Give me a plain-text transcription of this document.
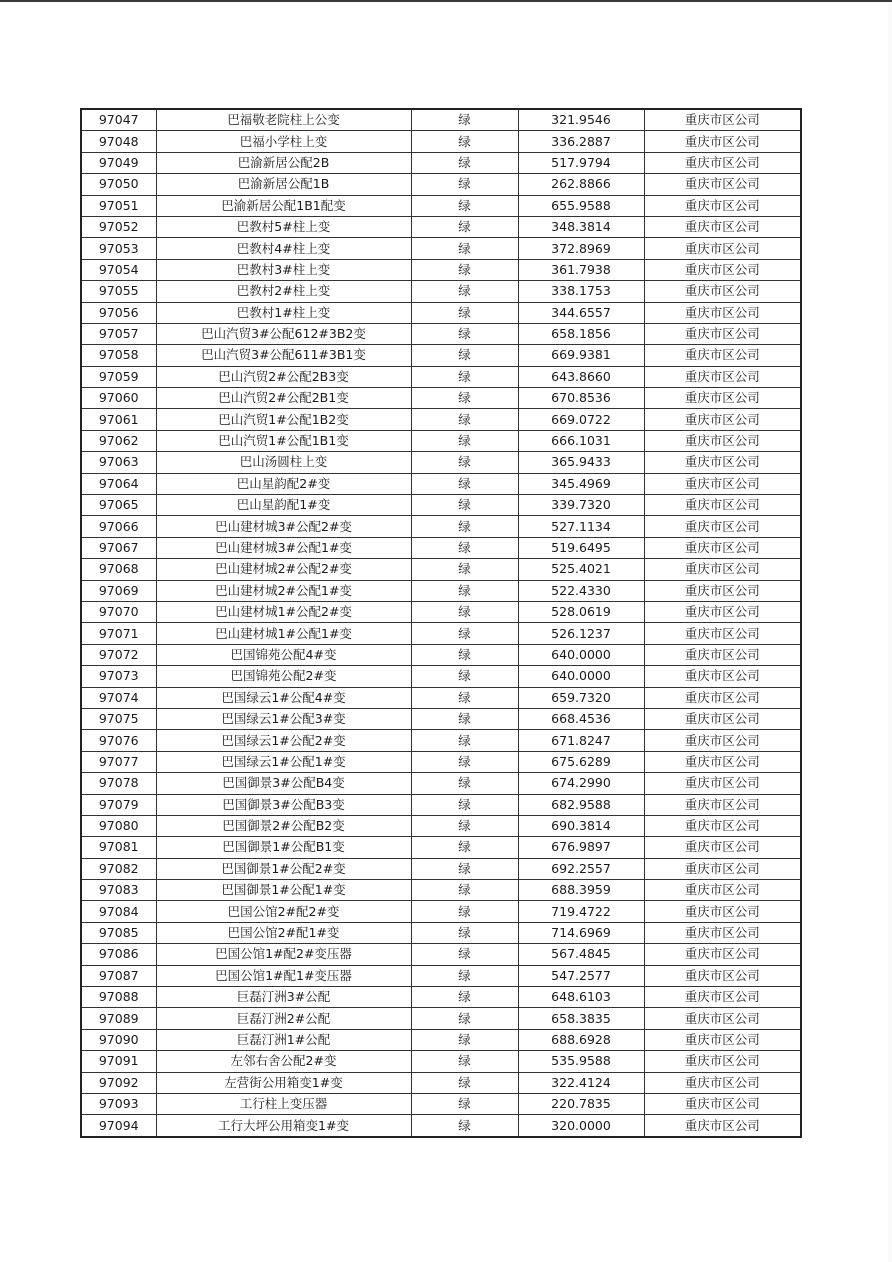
97047	巴福敬老院柱上公变	绿	321.9546	重庆市区公司
97048	巴福小学柱上变	绿	336.2887	重庆市区公司
97049	巴渝新居公配2B	绿	517.9794	重庆市区公司
97050	巴渝新居公配1B	绿	262.8866	重庆市区公司
97051	巴渝新居公配1B1配变	绿	655.9588	重庆市区公司
97052	巴教村5#柱上变	绿	348.3814	重庆市区公司
97053	巴教村4#柱上变	绿	372.8969	重庆市区公司
97054	巴教村3#柱上变	绿	361.7938	重庆市区公司
97055	巴教村2#柱上变	绿	338.1753	重庆市区公司
97056	巴教村1#柱上变	绿	344.6557	重庆市区公司
97057	巴山汽贸3#公配612#3B2变	绿	658.1856	重庆市区公司
97058	巴山汽贸3#公配611#3B1变	绿	669.9381	重庆市区公司
97059	巴山汽贸2#公配2B3变	绿	643.8660	重庆市区公司
97060	巴山汽贸2#公配2B1变	绿	670.8536	重庆市区公司
97061	巴山汽贸1#公配1B2变	绿	669.0722	重庆市区公司
97062	巴山汽贸1#公配1B1变	绿	666.1031	重庆市区公司
97063	巴山汤圆柱上变	绿	365.9433	重庆市区公司
97064	巴山星韵配2#变	绿	345.4969	重庆市区公司
97065	巴山星韵配1#变	绿	339.7320	重庆市区公司
97066	巴山建材城3#公配2#变	绿	527.1134	重庆市区公司
97067	巴山建材城3#公配1#变	绿	519.6495	重庆市区公司
97068	巴山建材城2#公配2#变	绿	525.4021	重庆市区公司
97069	巴山建材城2#公配1#变	绿	522.4330	重庆市区公司
97070	巴山建材城1#公配2#变	绿	528.0619	重庆市区公司
97071	巴山建材城1#公配1#变	绿	526.1237	重庆市区公司
97072	巴国锦苑公配4#变	绿	640.0000	重庆市区公司
97073	巴国锦苑公配2#变	绿	640.0000	重庆市区公司
97074	巴国绿云1#公配4#变	绿	659.7320	重庆市区公司
97075	巴国绿云1#公配3#变	绿	668.4536	重庆市区公司
97076	巴国绿云1#公配2#变	绿	671.8247	重庆市区公司
97077	巴国绿云1#公配1#变	绿	675.6289	重庆市区公司
97078	巴国御景3#公配B4变	绿	674.2990	重庆市区公司
97079	巴国御景3#公配B3变	绿	682.9588	重庆市区公司
97080	巴国御景2#公配B2变	绿	690.3814	重庆市区公司
97081	巴国御景1#公配B1变	绿	676.9897	重庆市区公司
97082	巴国御景1#公配2#变	绿	692.2557	重庆市区公司
97083	巴国御景1#公配1#变	绿	688.3959	重庆市区公司
97084	巴国公馆2#配2#变	绿	719.4722	重庆市区公司
97085	巴国公馆2#配1#变	绿	714.6969	重庆市区公司
97086	巴国公馆1#配2#变压器	绿	567.4845	重庆市区公司
97087	巴国公馆1#配1#变压器	绿	547.2577	重庆市区公司
97088	巨磊汀洲3#公配	绿	648.6103	重庆市区公司
97089	巨磊汀洲2#公配	绿	658.3835	重庆市区公司
97090	巨磊汀洲1#公配	绿	688.6928	重庆市区公司
97091	左邻右舍公配2#变	绿	535.9588	重庆市区公司
97092	左营街公用箱变1#变	绿	322.4124	重庆市区公司
97093	工行柱上变压器	绿	220.7835	重庆市区公司
97094	工行大坪公用箱变1#变	绿	320.0000	重庆市区公司
